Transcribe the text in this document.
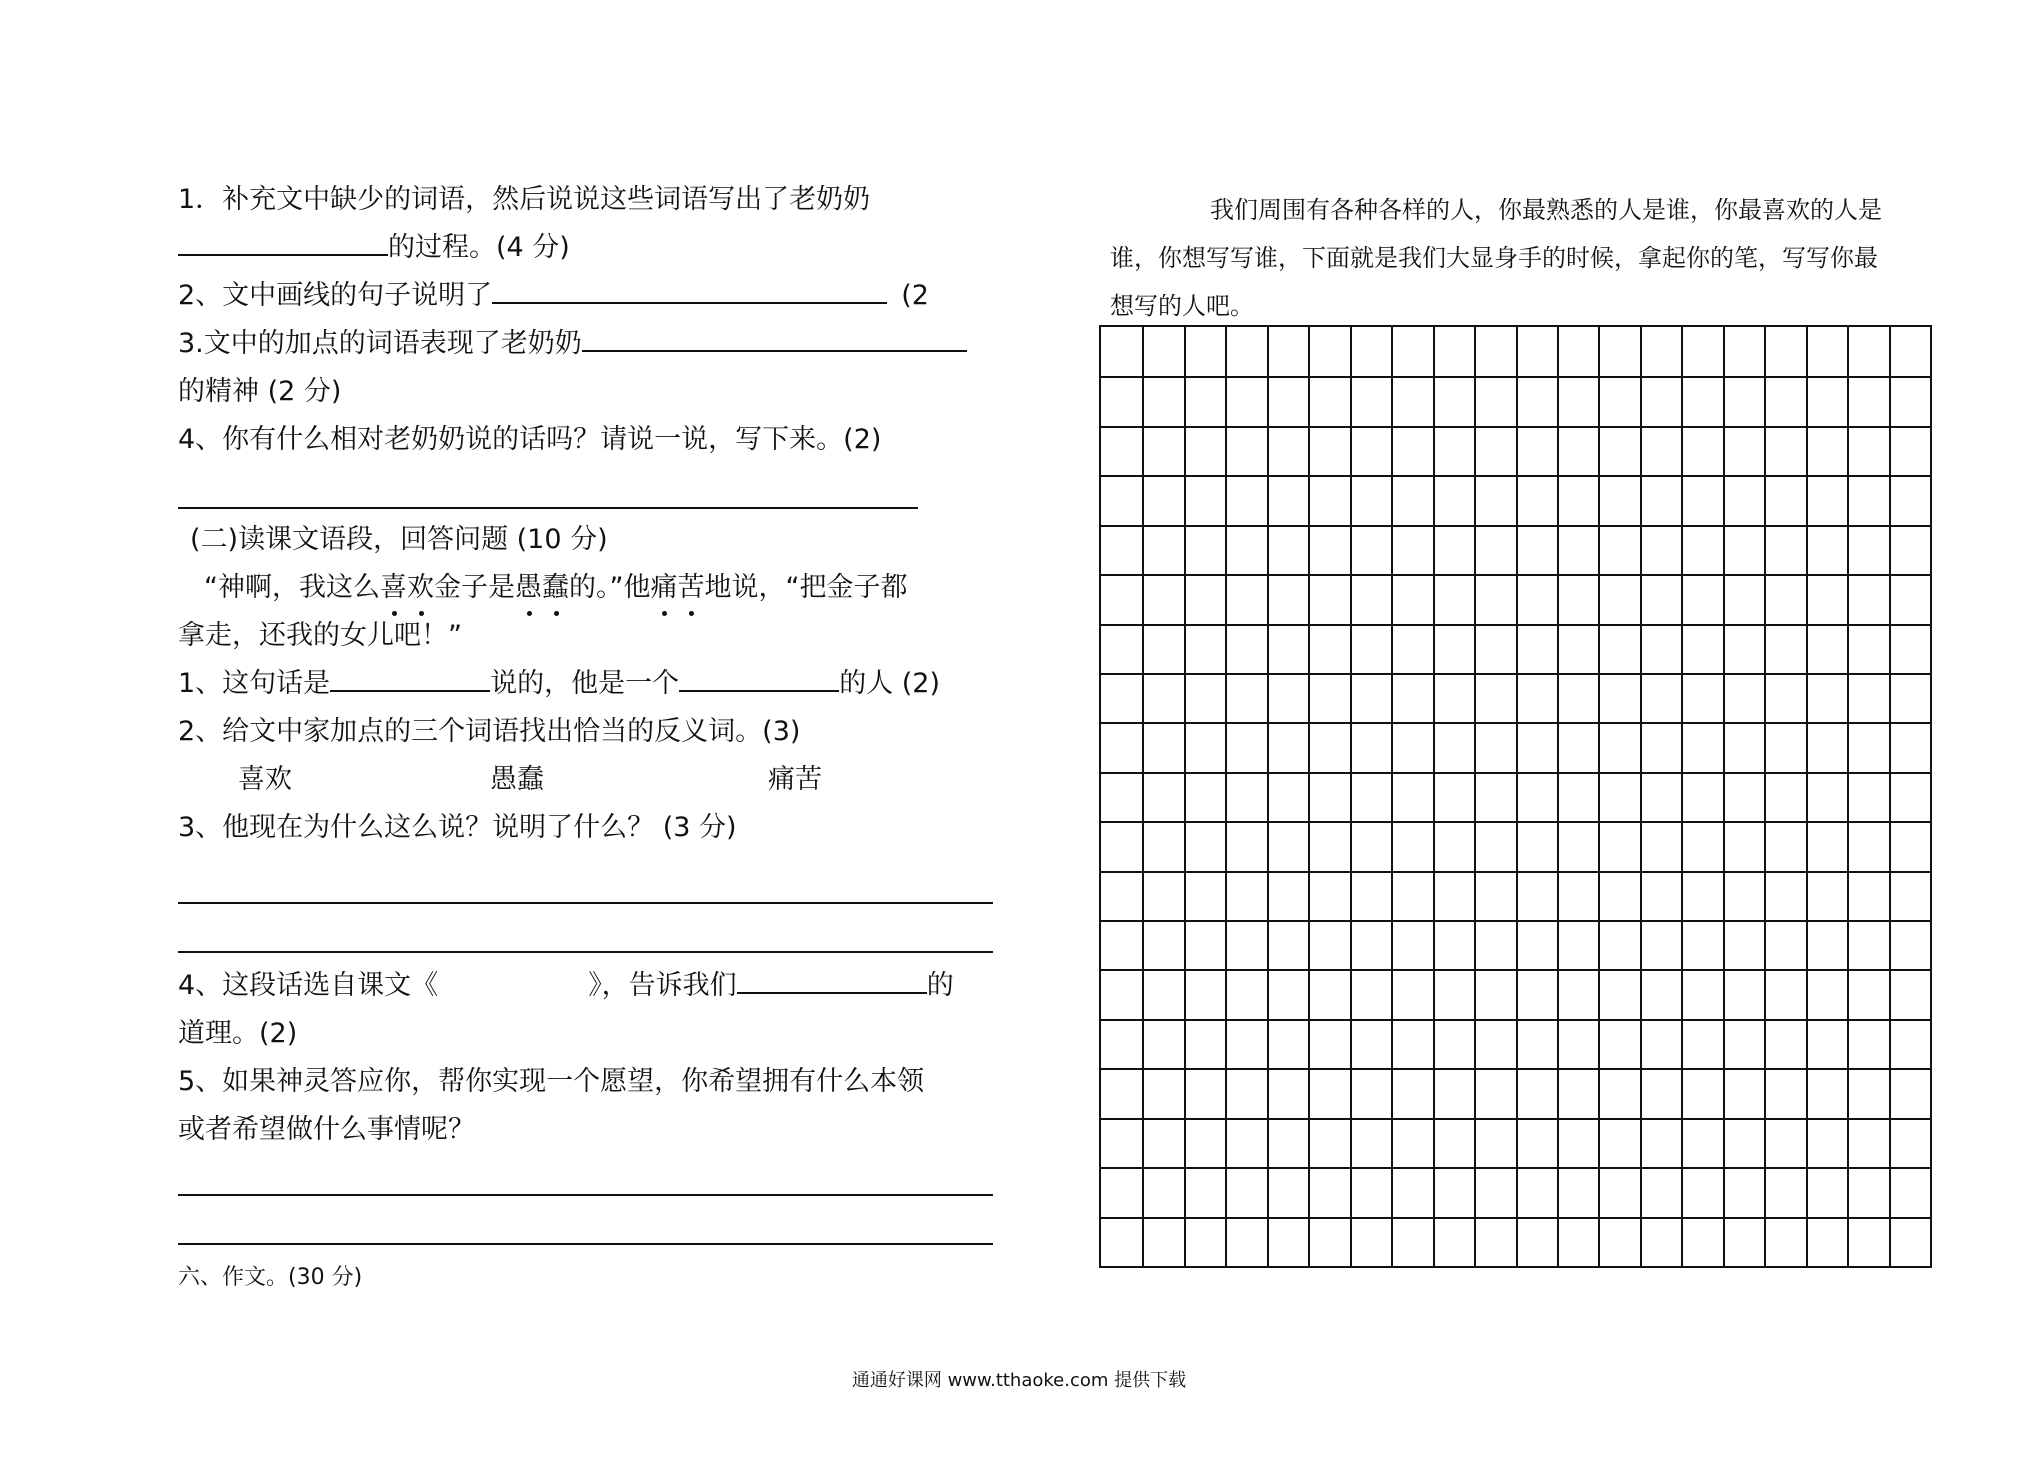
1．补充文中缺少的词语，然后说说这些词语写出了老奶奶
的过程。(4 分)
2、文中画线的句子说明了	(2
3.文中的加点的词语表现了老奶奶
的精神 (2 分)
4、你有什么相对老奶奶说的话吗？请说一说，写下来。(2)
(二)读课文语段，回答问题 (10 分)
“神啊，我这么喜欢金子是愚蠢的。”他痛苦地说，“把金子都
拿走，还我的女儿吧！”
1、这句话是	说的，他是一个	的人 (2)
2、给文中家加点的三个词语找出恰当的反义词。(3)
喜欢	愚蠢	痛苦
3、他现在为什么这么说？说明了什么？ (3 分)
4、这段话选自课文《	》，告诉我们	的
道理。(2)
5、如果神灵答应你，帮你实现一个愿望，你希望拥有什么本领
或者希望做什么事情呢？
六、作文。(30 分)
我们周围有各种各样的人，你最熟悉的人是谁，你最喜欢的人是
谁，你想写写谁，下面就是我们大显身手的时候，拿起你的笔，写写你最
想写的人吧。
通通好课网 www.tthaoke.com 提供下载
